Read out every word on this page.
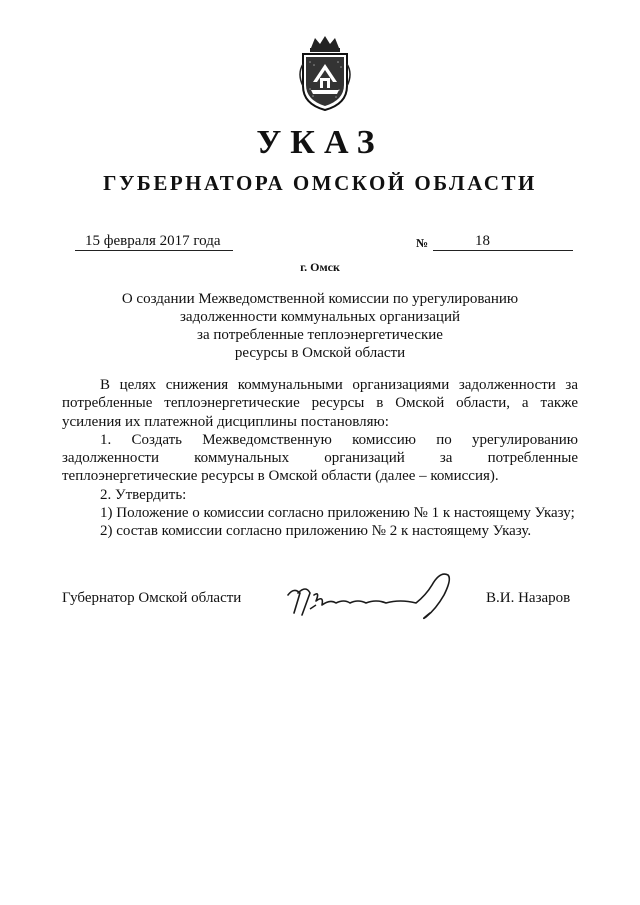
УКАЗ
ГУБЕРНАТОРА ОМСКОЙ ОБЛАСТИ
15 февраля 2017 года	№	18
г. Омск
О создании Межведомственной комиссии по урегулированию
задолженности коммунальных организаций
за потребленные теплоэнергетические
ресурсы в Омской области

В целях снижения коммунальными организациями задолженности за потребленные теплоэнергетические ресурсы в Омской области, а также усиления их платежной дисциплины постановляю:

1. Создать Межведомственную комиссию по урегулированию задолженности коммунальных организаций за потребленные теплоэнергетические ресурсы в Омской области (далее – комиссия).

2. Утвердить:

1) Положение о комиссии согласно приложению № 1 к настоящему Указу;

2) состав комиссии согласно приложению № 2 к настоящему Указу.

Губернатор Омской области	В.И. Назаров
